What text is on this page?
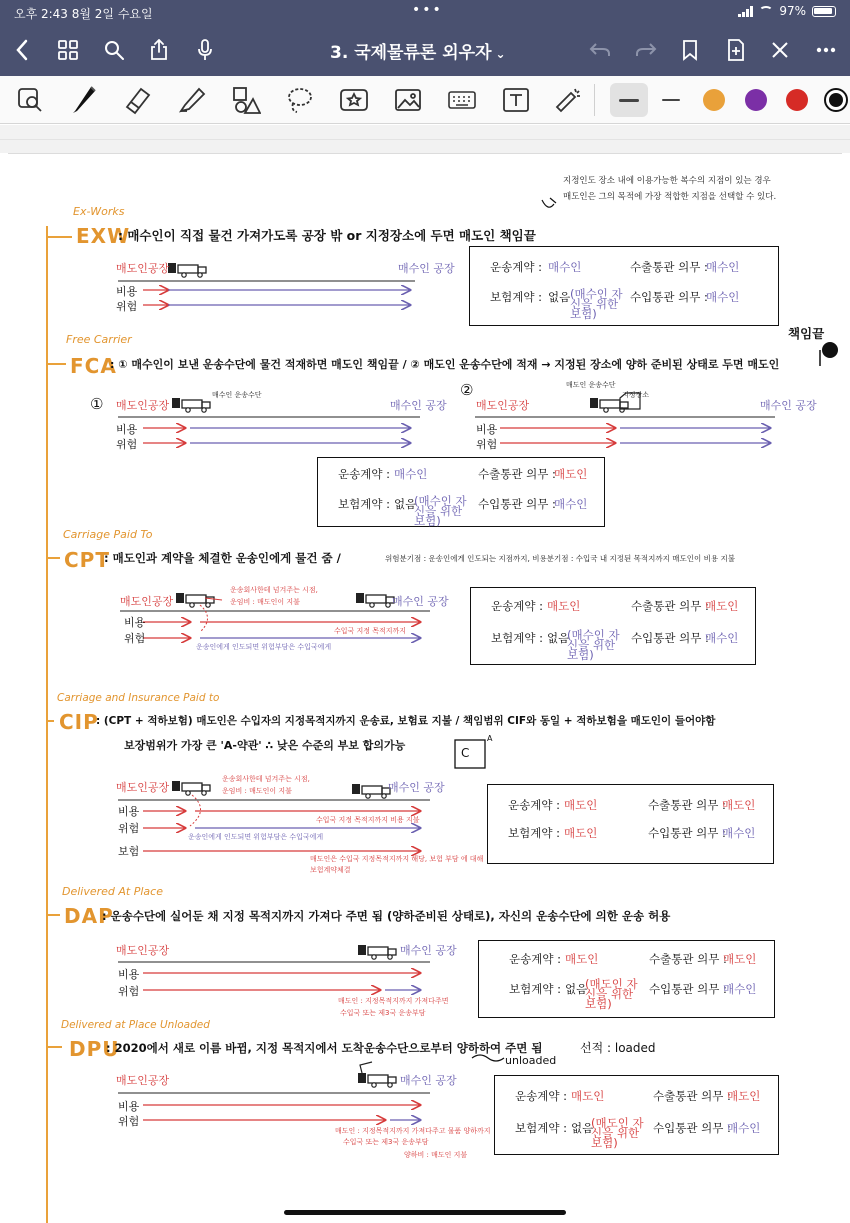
오후 2:43 8월 2일 수요일	•••	97%
3. 국제물류론 외우자 ⌄
지정인도 장소 내에 이용가능한 복수의 지점이 있는 경우
매도인은 그의 목적에 가장 적합한 지점을 선택할 수 있다.
Ex-Works
EXW
: 매수인이 직접 물건 가져가도록 공장 밖 or 지정장소에 두면 매도인 책임끝
매도인공장	매수인 공장
비용
위험
운송계약 : 매수인	수출통관 의무 :
매수인
보험계약 : 없음 (매수인 자신을 위한 보험)
수입통관 의무 :
매수인
Free Carrier
FCA
: ① 매수인이 보낸 운송수단에 물건 적재하면 매도인 책임끝 / ② 매도인 운송수단에 적재 → 지정된 장소에 양하 준비된 상태로 두면 매도인
책임끝
① 매도인공장
매수인 운송수단
매수인 공장
비용
위험
②
매도인공장
매도인 운송수단
지정장소
매수인 공장
비용
위험
운송계약 : 매수인	수출통관 의무 :
매도인
보험계약 : 없음
(매수인 자신을 위한 보험)
수입통관 의무 :
매수인
Carriage Paid To
CPT
: 매도인과 계약을 체결한 운송인에게 물건 줌 /	위험분기점 : 운송인에게 인도되는 지점까지, 비용분기점 : 수입국 내 지정된 목적지까지 매도인이 비용 지불
매도인공장	매수인 공장
운송회사한테 넘겨주는 시점,
운임비 : 매도인이 지불
수입국 지정 목적지까지
운송인에게 인도되면 위험부담은 수입국에게
비용
위험
운송계약 : 매도인	수출통관 의무 :
매도인
보험계약 : 없음
(매수인 자신을 위한 보험)
수입통관 의무 :
매수인
Carriage and Insurance Paid to
CIP
: (CPT + 적하보험) 매도인은 수입자의 지정목적지까지 운송료, 보험료 지불 / 책임범위 CIF와 동일 + 적하보험을 매도인이 들어야함
보장범위가 가장 큰 'A-약관' ∴ 낮은 수준의 부보 합의가능
C
A
매도인공장	매수인 공장
운송회사한테 넘겨주는 시점,
운임비 : 매도인이 지불
수입국 지정 목적지까지 비용 지불
운송인에게 인도되면 위험부담은 수입국에게
매도인은 수입국 지정목적지까지 해당, 보험 부담 에 대해
보험계약체결
비용
위험
보험
운송계약 : 매도인	수출통관 의무 :
매도인
보험계약 : 매도인	수입통관 의무 :
매수인
Delivered At Place
DAP
: 운송수단에 실어둔 채 지정 목적지까지 가져다 주면 됨 (양하준비된 상태로), 자신의 운송수단에 의한 운송 허용
매도인공장	매수인 공장
비용
위험
매도인 : 지정목적지까지 가져다주면
수입국 또는 제3국 운송부담
운송계약 : 매도인	수출통관 의무 :
매도인
보험계약 : 없음
(매도인 자신을 위한 보험)
수입통관 의무 :
매수인
Delivered at Place Unloaded
DPU
: 2020에서 새로 이름 바뀜, 지정 목적지에서 도착운송수단으로부터 양하하여 주면 됨	선적 : loaded
unloaded
매도인공장	매수인 공장
비용
위험
매도인 : 지정목적지까지 가져다주고 물품 양하까지
수입국 또는 제3국 운송부담
양하비 : 매도인 지불
운송계약 : 매도인	수출통관 의무 :
매도인
보험계약 : 없음
(매도인 자신을 위한 보험)
수입통관 의무 :
매수인
